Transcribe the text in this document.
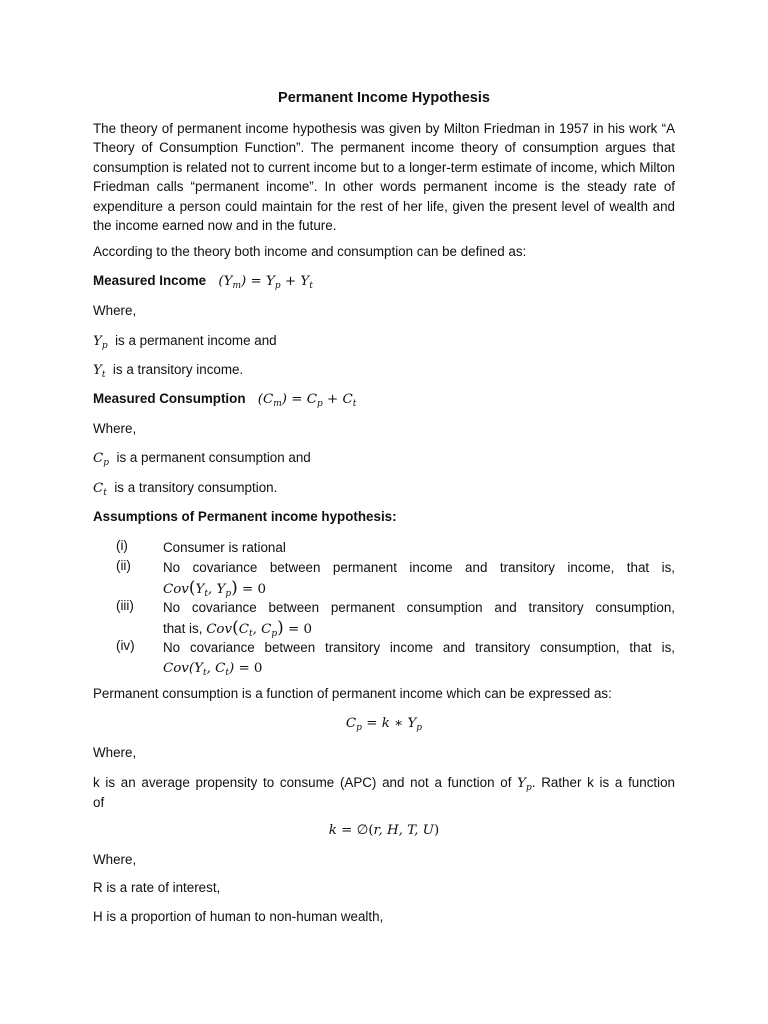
Permanent Income Hypothesis

The theory of permanent income hypothesis was given by Milton Friedman in 1957 in his work “A Theory of Consumption Function”. The permanent income theory of consumption argues that consumption is related not to current income but to a longer-term estimate of income, which Milton Friedman calls “permanent income”. In other words permanent income is the steady rate of expenditure a person could maintain for the rest of her life, given the present level of wealth and the income earned now and in the future.

According to the theory both income and consumption can be defined as:
Measured Income   $(Y_m) = Y_p + Y_t$
Where,
$Y_p$ is a permanent income and
$Y_t$ is a transitory income.
Measured Consumption   $(C_m) = C_p + C_t$
Where,
$C_p$ is a permanent consumption and
$C_t$ is a transitory consumption.
Assumptions of Permanent income hypothesis:
(i)	Consumer is rational
(ii) No covariance between permanent income and transitory income, that is,
$Cov(Y_t$, $Y_p) = 0$
(iii) No covariance between permanent consumption and transitory consumption,
that is, $Cov(C_t$, $C_p) = 0$
(iv) No covariance between transitory income and transitory consumption, that is,
$Cov(Y_t$, $C_t) = 0$
Permanent consumption is a function of permanent income which can be expressed as:
$C_p = k$ ∗ $Y_p$
Where,
k is an average propensity to consume (APC) and not a function of $Y_p$. Rather k is a function
of
k = ∅(r, H, T, U)
Where,
R is a rate of interest,
H is a proportion of human to non-human wealth,
